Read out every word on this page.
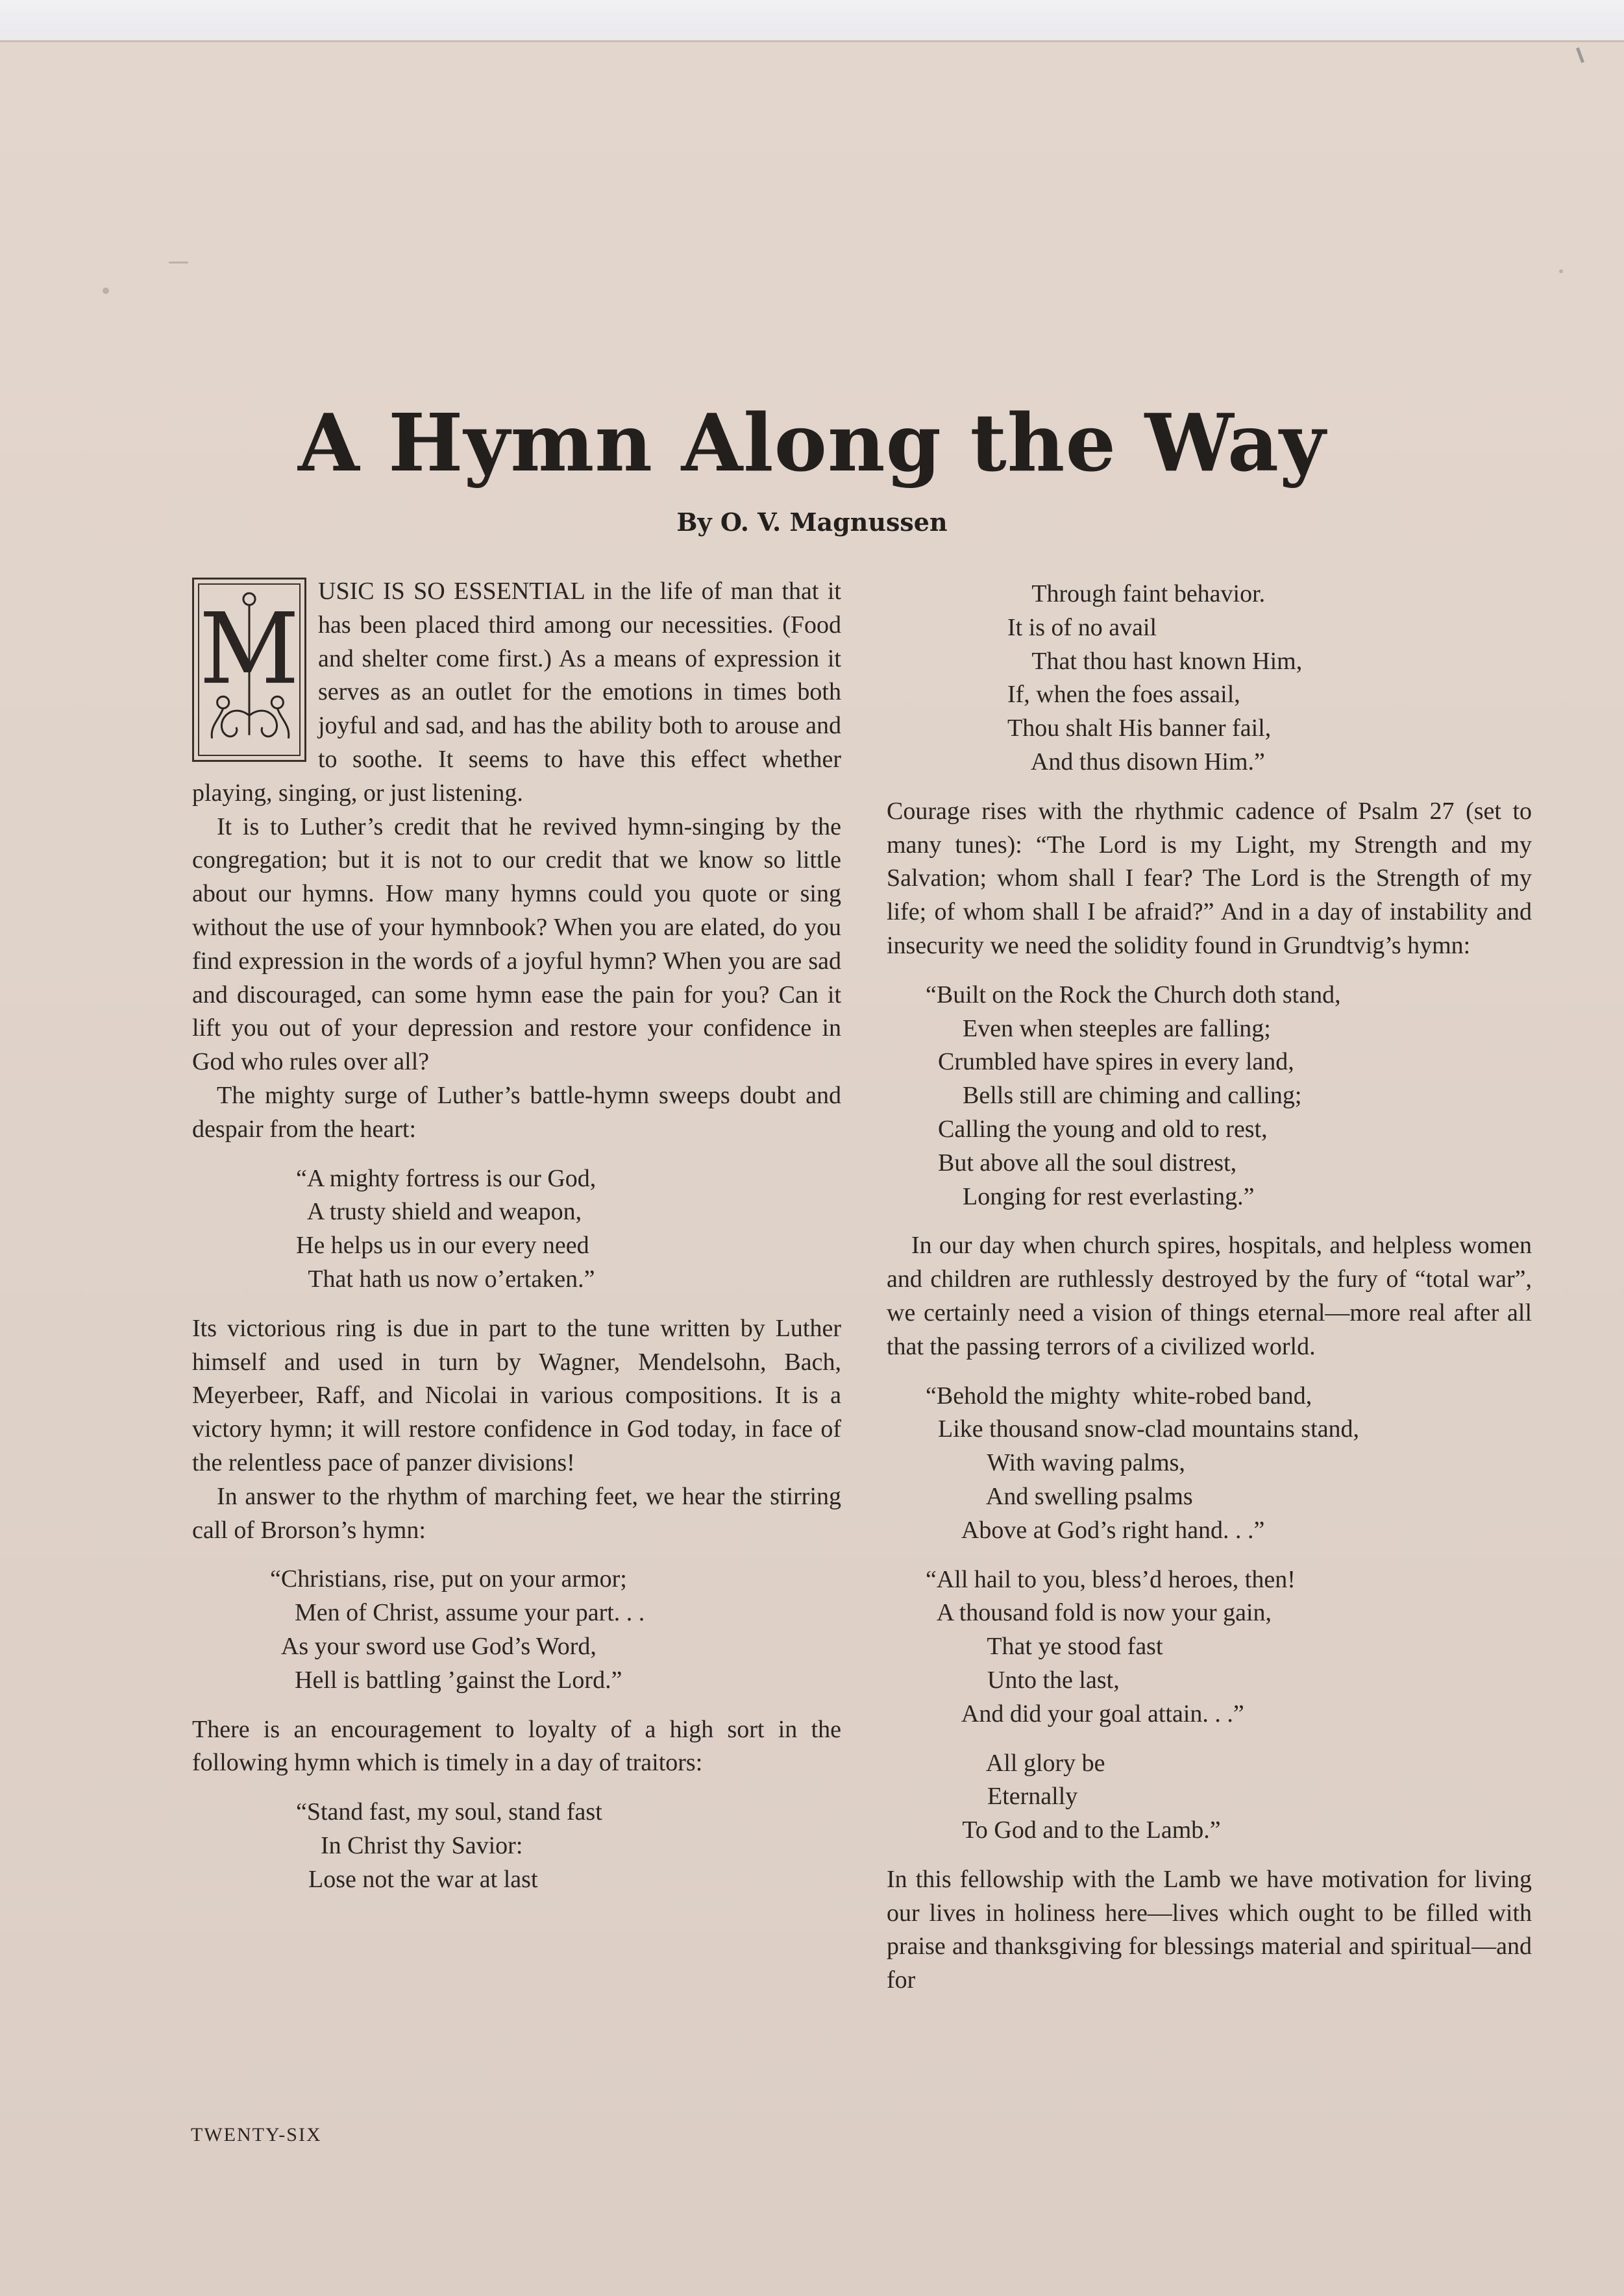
A Hymn Along the Way
By O. V. Magnussen
M

USIC IS SO ESSENTIAL in the life of man that it has been placed third among our necessities. (Food and shelter come first.) As a means of expression it serves as an outlet for the emotions in times both joyful and sad, and has the ability both to arouse and to soothe. It seems to have this effect whether playing, singing, or just listening.

It is to Luther’s credit that he revived hymn-singing by the congregation; but it is not to our credit that we know so little about our hymns. How many hymns could you quote or sing without the use of your hymnbook? When you are elated, do you find expression in the words of a joyful hymn? When you are sad and discouraged, can some hymn ease the pain for you? Can it lift you out of your depression and restore your confidence in God who rules over all?

The mighty surge of Luther’s battle-hymn sweeps doubt and despair from the heart:

“A mighty fortress is our God,
A trusty shield and weapon,
He helps us in our every need
That hath us now o’ertaken.”

Its victorious ring is due in part to the tune written by Luther himself and used in turn by Wagner, Mendelsohn, Bach, Meyerbeer, Raff, and Nicolai in various compositions. It is a victory hymn; it will restore confidence in God today, in face of the relentless pace of panzer divisions!

In answer to the rhythm of marching feet, we hear the stirring call of Brorson’s hymn:

“Christians, rise, put on your armor;
Men of Christ, assume your part. . .
As your sword use God’s Word,
Hell is battling ’gainst the Lord.”

There is an encouragement to loyalty of a high sort in the following hymn which is timely in a day of traitors:

“Stand fast, my soul, stand fast
In Christ thy Savior:
Lose not the war at last
Through faint behavior.
It is of no avail
That thou hast known Him,
If, when the foes assail,
Thou shalt His banner fail,
And thus disown Him.”

Courage rises with the rhythmic cadence of Psalm 27 (set to many tunes): “The Lord is my Light, my Strength and my Salvation; whom shall I fear? The Lord is the Strength of my life; of whom shall I be afraid?” And in a day of instability and insecurity we need the solidity found in Grundtvig’s hymn:

“Built on the Rock the Church doth stand,
Even when steeples are falling;
Crumbled have spires in every land,
Bells still are chiming and calling;
Calling the young and old to rest,
But above all the soul distrest,
Longing for rest everlasting.”

In our day when church spires, hospitals, and helpless women and children are ruthlessly destroyed by the fury of “total war”, we certainly need a vision of things eternal—more real after all that the passing terrors of a civilized world.

“Behold the mighty  white-robed band,
Like thousand snow-clad mountains stand,
With waving palms,
And swelling psalms
Above at God’s right hand. . .”
“All hail to you, bless’d heroes, then!
A thousand fold is now your gain,
That ye stood fast
Unto the last,
And did your goal attain. . .”
All glory be
Eternally
To God and to the Lamb.”

In this fellowship with the Lamb we have motivation for living our lives in holiness here—lives which ought to be filled with praise and thanksgiving for blessings material and spiritual—and for

TWENTY-SIX
